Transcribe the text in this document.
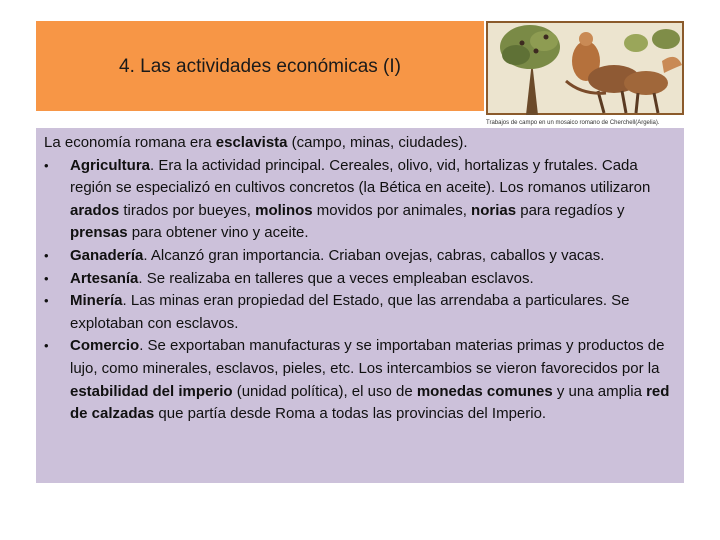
4. Las actividades económicas (I)
Trabajos de campo en un mosaico romano de Cherchell(Argelia).

La economía romana era esclavista (campo, minas, ciudades).

• Agricultura. Era la actividad principal. Cereales, olivo, vid, hortalizas y frutales. Cada región se especializó en cultivos concretos (la Bética en aceite). Los romanos utilizaron arados tirados por bueyes, molinos movidos por animales, norias para regadíos y prensas para obtener vino y aceite.
• Ganadería. Alcanzó gran importancia. Criaban ovejas, cabras, caballos y vacas.
• Artesanía. Se realizaba en talleres que a veces empleaban esclavos.
• Minería. Las minas eran propiedad del Estado, que las arrendaba a particulares. Se explotaban con esclavos.
• Comercio. Se exportaban manufacturas y se importaban materias primas y productos de lujo, como minerales, esclavos, pieles, etc. Los intercambios se vieron favorecidos por la estabilidad del imperio (unidad política), el uso de monedas comunes y una amplia red de calzadas que partía desde Roma a todas las provincias del Imperio.
